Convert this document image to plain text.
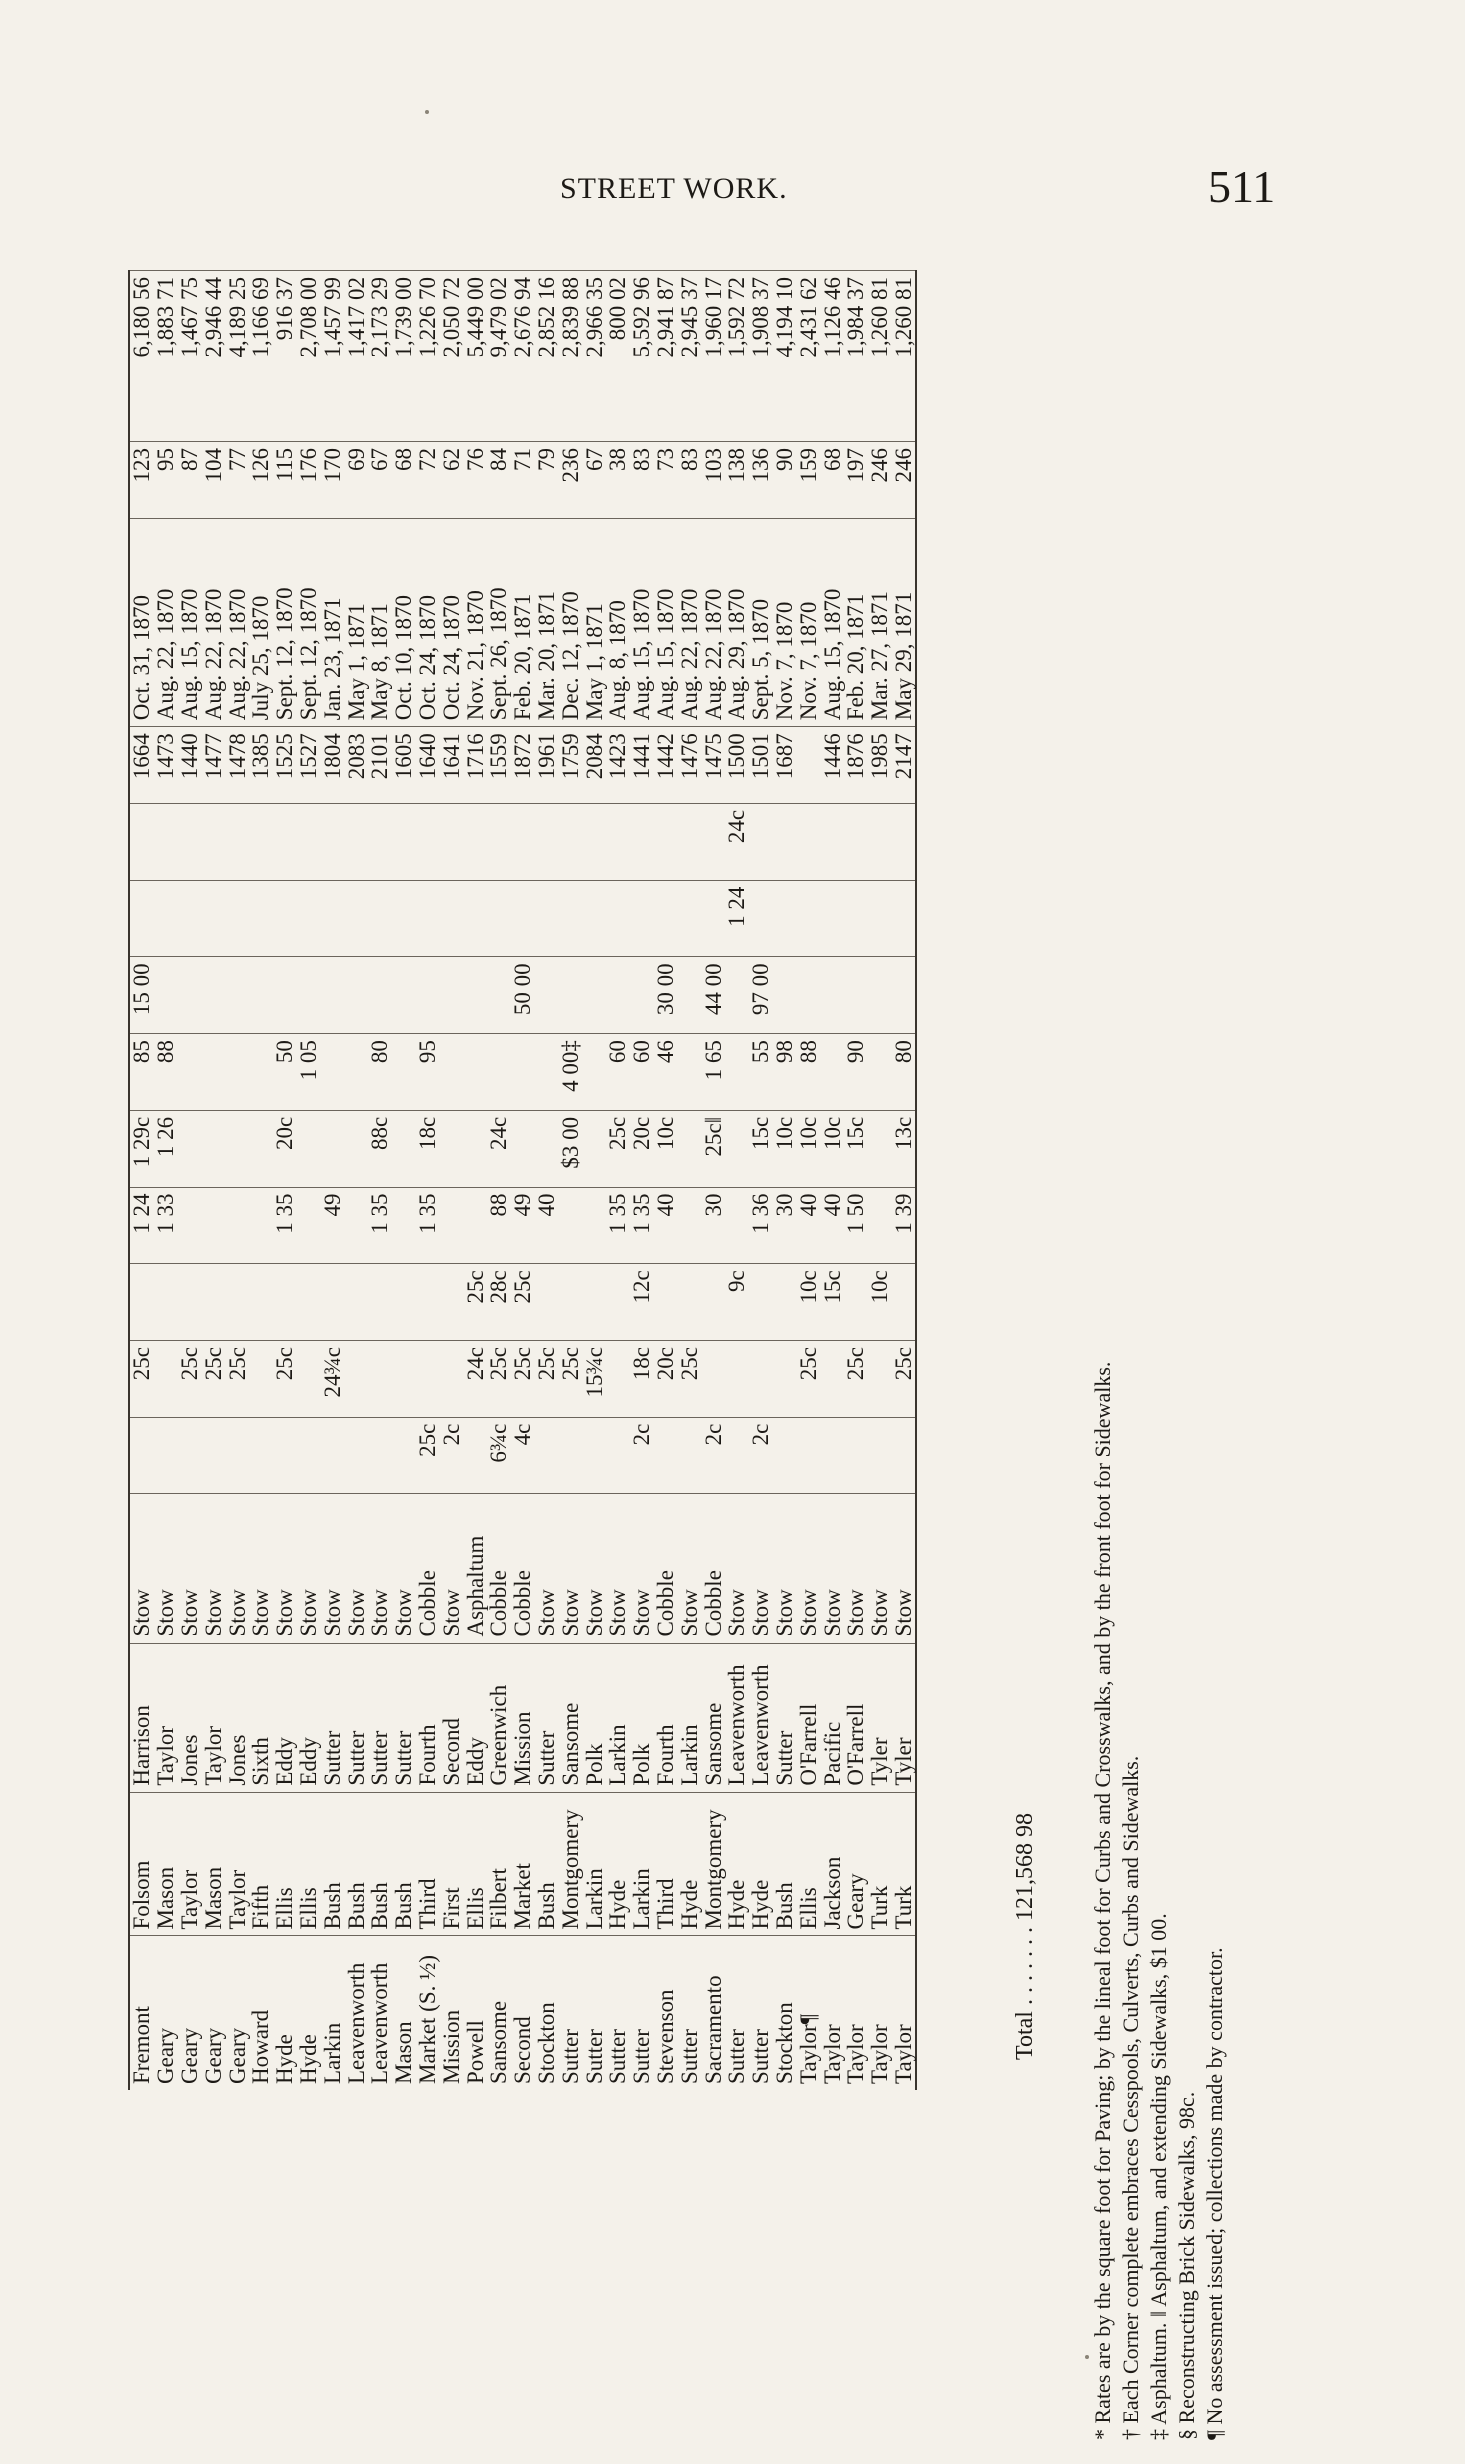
STREET WORK.	511
Fremont	Folsom	Harrison	Stow		25c		1 24	1 29c	85	15 00			1664	Oct. 31, 1870	123	6,180 56
Geary	Mason	Taylor	Stow				1 33	1 26	88				1473	Aug. 22, 1870	95	1,883 71
Geary	Taylor	Jones	Stow		25c								1440	Aug. 15, 1870	87	1,467 75
Geary	Mason	Taylor	Stow		25c								1477	Aug. 22, 1870	104	2,946 44
Geary	Taylor	Jones	Stow		25c								1478	Aug. 22, 1870	77	4,189 25
Howard	Fifth	Sixth	Stow										1385	July 25, 1870	126	1,166 69
Hyde	Ellis	Eddy	Stow		25c		1 35	20c	50				1525	Sept. 12, 1870	115	916 37
Hyde	Ellis	Eddy	Stow						1 05				1527	Sept. 12, 1870	176	2,708 00
Larkin	Bush	Sutter	Stow		24¾c		49						1804	Jan. 23, 1871	170	1,457 99
Leavenworth	Bush	Sutter	Stow										2083	May 1, 1871	69	1,417 02
Leavenworth	Bush	Sutter	Stow				1 35	88c	80				2101	May 8, 1871	67	2,173 29
Mason	Bush	Sutter	Stow										1605	Oct. 10, 1870	68	1,739 00
Market (S. ½)	Third	Fourth	Cobble	25c			1 35	18c	95				1640	Oct. 24, 1870	72	1,226 70
Mission	First	Second	Stow	2c									1641	Oct. 24, 1870	62	2,050 72
Powell	Ellis	Eddy	Asphaltum		24c	25c							1716	Nov. 21, 1870	76	5,449 00
Sansome	Filbert	Greenwich	Cobble	6¾c	25c	28c	88	24c					1559	Sept. 26, 1870	84	9,479 02
Second	Market	Mission	Cobble	4c	25c	25c	49			50 00			1872	Feb. 20, 1871	71	2,676 94
Stockton	Bush	Sutter	Stow		25c		40						1961	Mar. 20, 1871	79	2,852 16
Sutter	Montgomery	Sansome	Stow		25c			$3 00	4 00‡				1759	Dec. 12, 1870	236	2,839 88
Sutter	Larkin	Polk	Stow		15¾c								2084	May 1, 1871	67	2,966 35
Sutter	Hyde	Larkin	Stow				1 35	25c	60				1423	Aug. 8, 1870	38	800 02
Sutter	Larkin	Polk	Stow	2c	18c	12c	1 35	20c	60				1441	Aug. 15, 1870	83	5,592 96
Stevenson	Third	Fourth	Cobble		20c		40	10c	46	30 00			1442	Aug. 15, 1870	73	2,941 87
Sutter	Hyde	Larkin	Stow		25c								1476	Aug. 22, 1870	83	2,945 37
Sacramento	Montgomery	Sansome	Cobble	2c			30	25c‖	1 65	44 00			1475	Aug. 22, 1870	103	1,960 17
Sutter	Hyde	Leavenworth	Stow			9c					1 24	24c	1500	Aug. 29, 1870	138	1,592 72
Sutter	Hyde	Leavenworth	Stow	2c			1 36	15c	55	97 00			1501	Sept. 5, 1870	136	1,908 37
Stockton	Bush	Sutter	Stow				30	10c	98				1687	Nov. 7, 1870	90	4,194 10
Taylor¶	Ellis	O'Farrell	Stow		25c	10c	40	10c	88					Nov. 7, 1870	159	2,431 62
Taylor	Jackson	Pacific	Stow			15c	40	10c					1446	Aug. 15, 1870	68	1,126 46
Taylor	Geary	O'Farrell	Stow		25c		1 50	15c	90				1876	Feb. 20, 1871	197	1,984 37
Taylor	Turk	Tyler	Stow			10c							1985	Mar. 27, 1871	246	1,260 81
Taylor	Turk	Tyler	Stow		25c		1 39	13c	80				2147	May 29, 1871	246	1,260 81
Total . . . . . . . 121,568 98	* Rates are by the square foot for Paving; by the lineal foot for Curbs and Crosswalks, and by the front foot for Sidewalks. † Each Corner complete embraces Cesspools, Culverts, Curbs and Sidewalks. ‡ Asphaltum. ‖ Asphaltum, and extending Sidewalks, $1 00. § Reconstructing Brick Sidewalks, 98c. ¶ No assessment issued; collections made by contractor.
